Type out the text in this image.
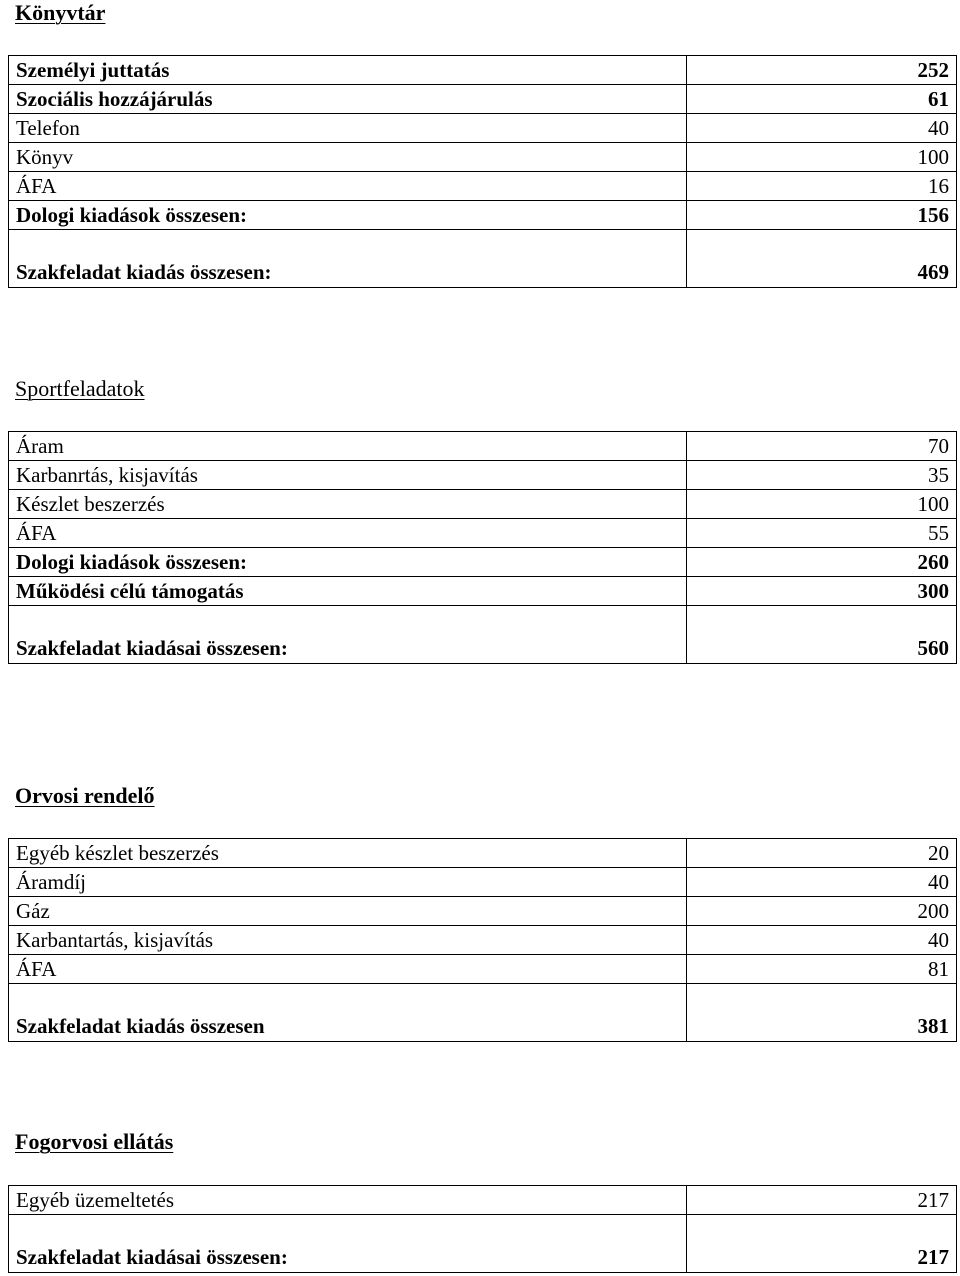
Könyvtár
Személyi juttatás	252
Szociális hozzájárulás	61
Telefon	40
Könyv	100
ÁFA	16
Dologi kiadások összesen:	156
Szakfeladat kiadás összesen:	469
Sportfeladatok
Áram	70
Karbanrtás, kisjavítás	35
Készlet beszerzés	100
ÁFA	55
Dologi kiadások összesen:	260
Működési célú támogatás	300
Szakfeladat kiadásai összesen:	560
Orvosi rendelő
Egyéb készlet beszerzés	20
Áramdíj	40
Gáz	200
Karbantartás, kisjavítás	40
ÁFA	81
Szakfeladat kiadás összesen	381
Fogorvosi ellátás
Egyéb üzemeltetés	217
Szakfeladat kiadásai összesen:	217
